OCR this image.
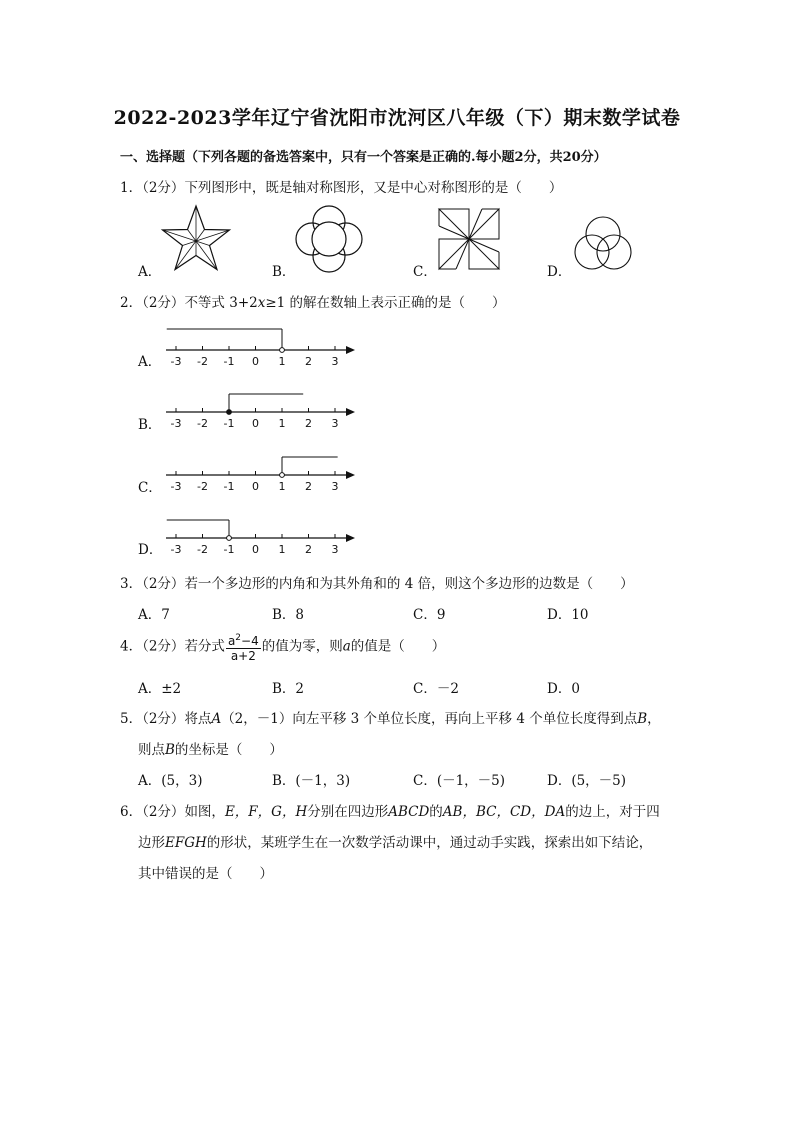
2022-2023学年辽宁省沈阳市沈河区八年级（下）期末数学试卷
一、选择题（下列各题的备选答案中，只有一个答案是正确的.每小题2分，共20分）
1．（2分）下列图形中，既是轴对称图形，又是中心对称图形的是（　　）
A．	B．	C．	D．
2．（2分）不等式 3+2x≥1 的解在数轴上表示正确的是（　　）
-3 -2 -1 0 1 2 3
A．
-3 -2 -1 0 1 2 3
B．
-3 -2 -1 0 1 2 3
C．
-3 -2 -1 0 1 2 3
D．
3．（2分）若一个多边形的内角和为其外角和的 4 倍，则这个多边形的边数是（　　）
A．7	B．8	C．9	D．10
4．（2分）若分式 $\frac{a^2-4}{a+2}$ 的值为零，则a的值是（　　）
A．±2	B．2	C．－2	D．0
5．（2分）将点A（2，－1）向左平移 3 个单位长度，再向上平移 4 个单位长度得到点B，
则点B的坐标是（　　）
A．(5，3)	B．(－1，3)	C．(－1，－5)	D．(5，－5)
6．（2分）如图，E，F，G，H分别在四边形ABCD的AB，BC，CD，DA的边上，对于四
边形EFGH的形状，某班学生在一次数学活动课中，通过动手实践，探索出如下结论，
其中错误的是（　　）
